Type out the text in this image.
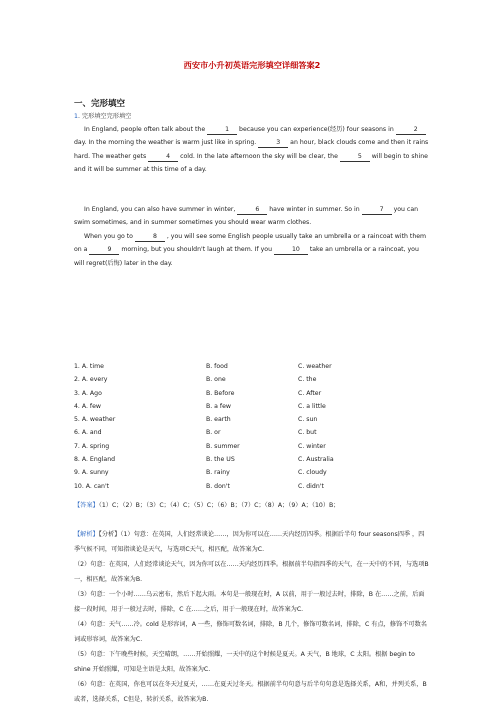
西安市小升初英语完形填空详细答案2
一、完形填空
1. 完形填空完形填空
In England, people often talk about the	1 because you can experience(经历) four seasons in	2 day. In the morning the weather is warm just like in spring.	3 an hour, black clouds come and then it rains hard. The weather gets	4 cold. In the late afternoon the sky will be clear, the	5 will begin to shine and it will be summer at this time of a day.
In England, you can also have summer in winter,	6 have winter in summer. So in	7 you can swim sometimes, and in summer sometimes you should wear warm clothes.
When you go to	8 , you will see some English people usually take an umbrella or a raincoat with them on a	9 morning, but you shouldn't laugh at them. If you	10 take an umbrella or a raincoat, you will regret(后悔) later in the day.
1. A. time	B. food	C. weather
2. A. every	B. one	C. the
3. A. Ago	B. Before	C. After
4. A. few	B. a few	C. a little
5. A. weather	B. earth	C. sun
6. A. and	B. or	C. but
7. A. spring	B. summer	C. winter
8. A. England	B. the US	C. Australia
9. A. sunny	B. rainy	C. cloudy
10. A. can't	B. don't	C. didn't
【答案】（1）C；（2）B；（3）C；（4）C；（5）C；（6）B；（7）C；（8）A；（9）A；（10）B；

【解析】【分析】（1）句意：在英国，人们经常谈论……，因为你可以在……天内经历四季。根据后半句 four seasons四季 ，四季气候不同，可知指谈论是天气，与选项C天气，相匹配，故答案为C.

（2）句意：在英国，人们经常谈论天气，因为你可以在……天内经历四季。根据前半句指四季的天气，在一天中的不同，与选项B一，相匹配，故答案为B.

（3）句意：一个小时……乌云密布，然后下起大雨。本句是一般现在时，A 以前，用于一般过去时，排除，B 在……之前，后面接一段时间，用于一般过去时，排除，C 在……之后，用于一般现在时，故答案为C.

（4）句意：天气……冷。cold 是形容词，A 一些，修饰可数名词，排除，B 几个，修饰可数名词，排除，C 有点，修饰不可数名词或形容词，故答案为C.

（5）句意：下午晚些时候，天空晴朗，……开始照耀，一天中的这个时候是夏天。A 天气，B 地球，C 太阳。根据 begin to shine 开始照耀，可知是主语是太阳，故答案为C.

（6）句意：在英国，你也可以在冬天过夏天，……在夏天过冬天。根据前半句句意与后半句句意是选择关系，A和，并列关系，B或者，选择关系，C但是，转折关系，故答案为B.
